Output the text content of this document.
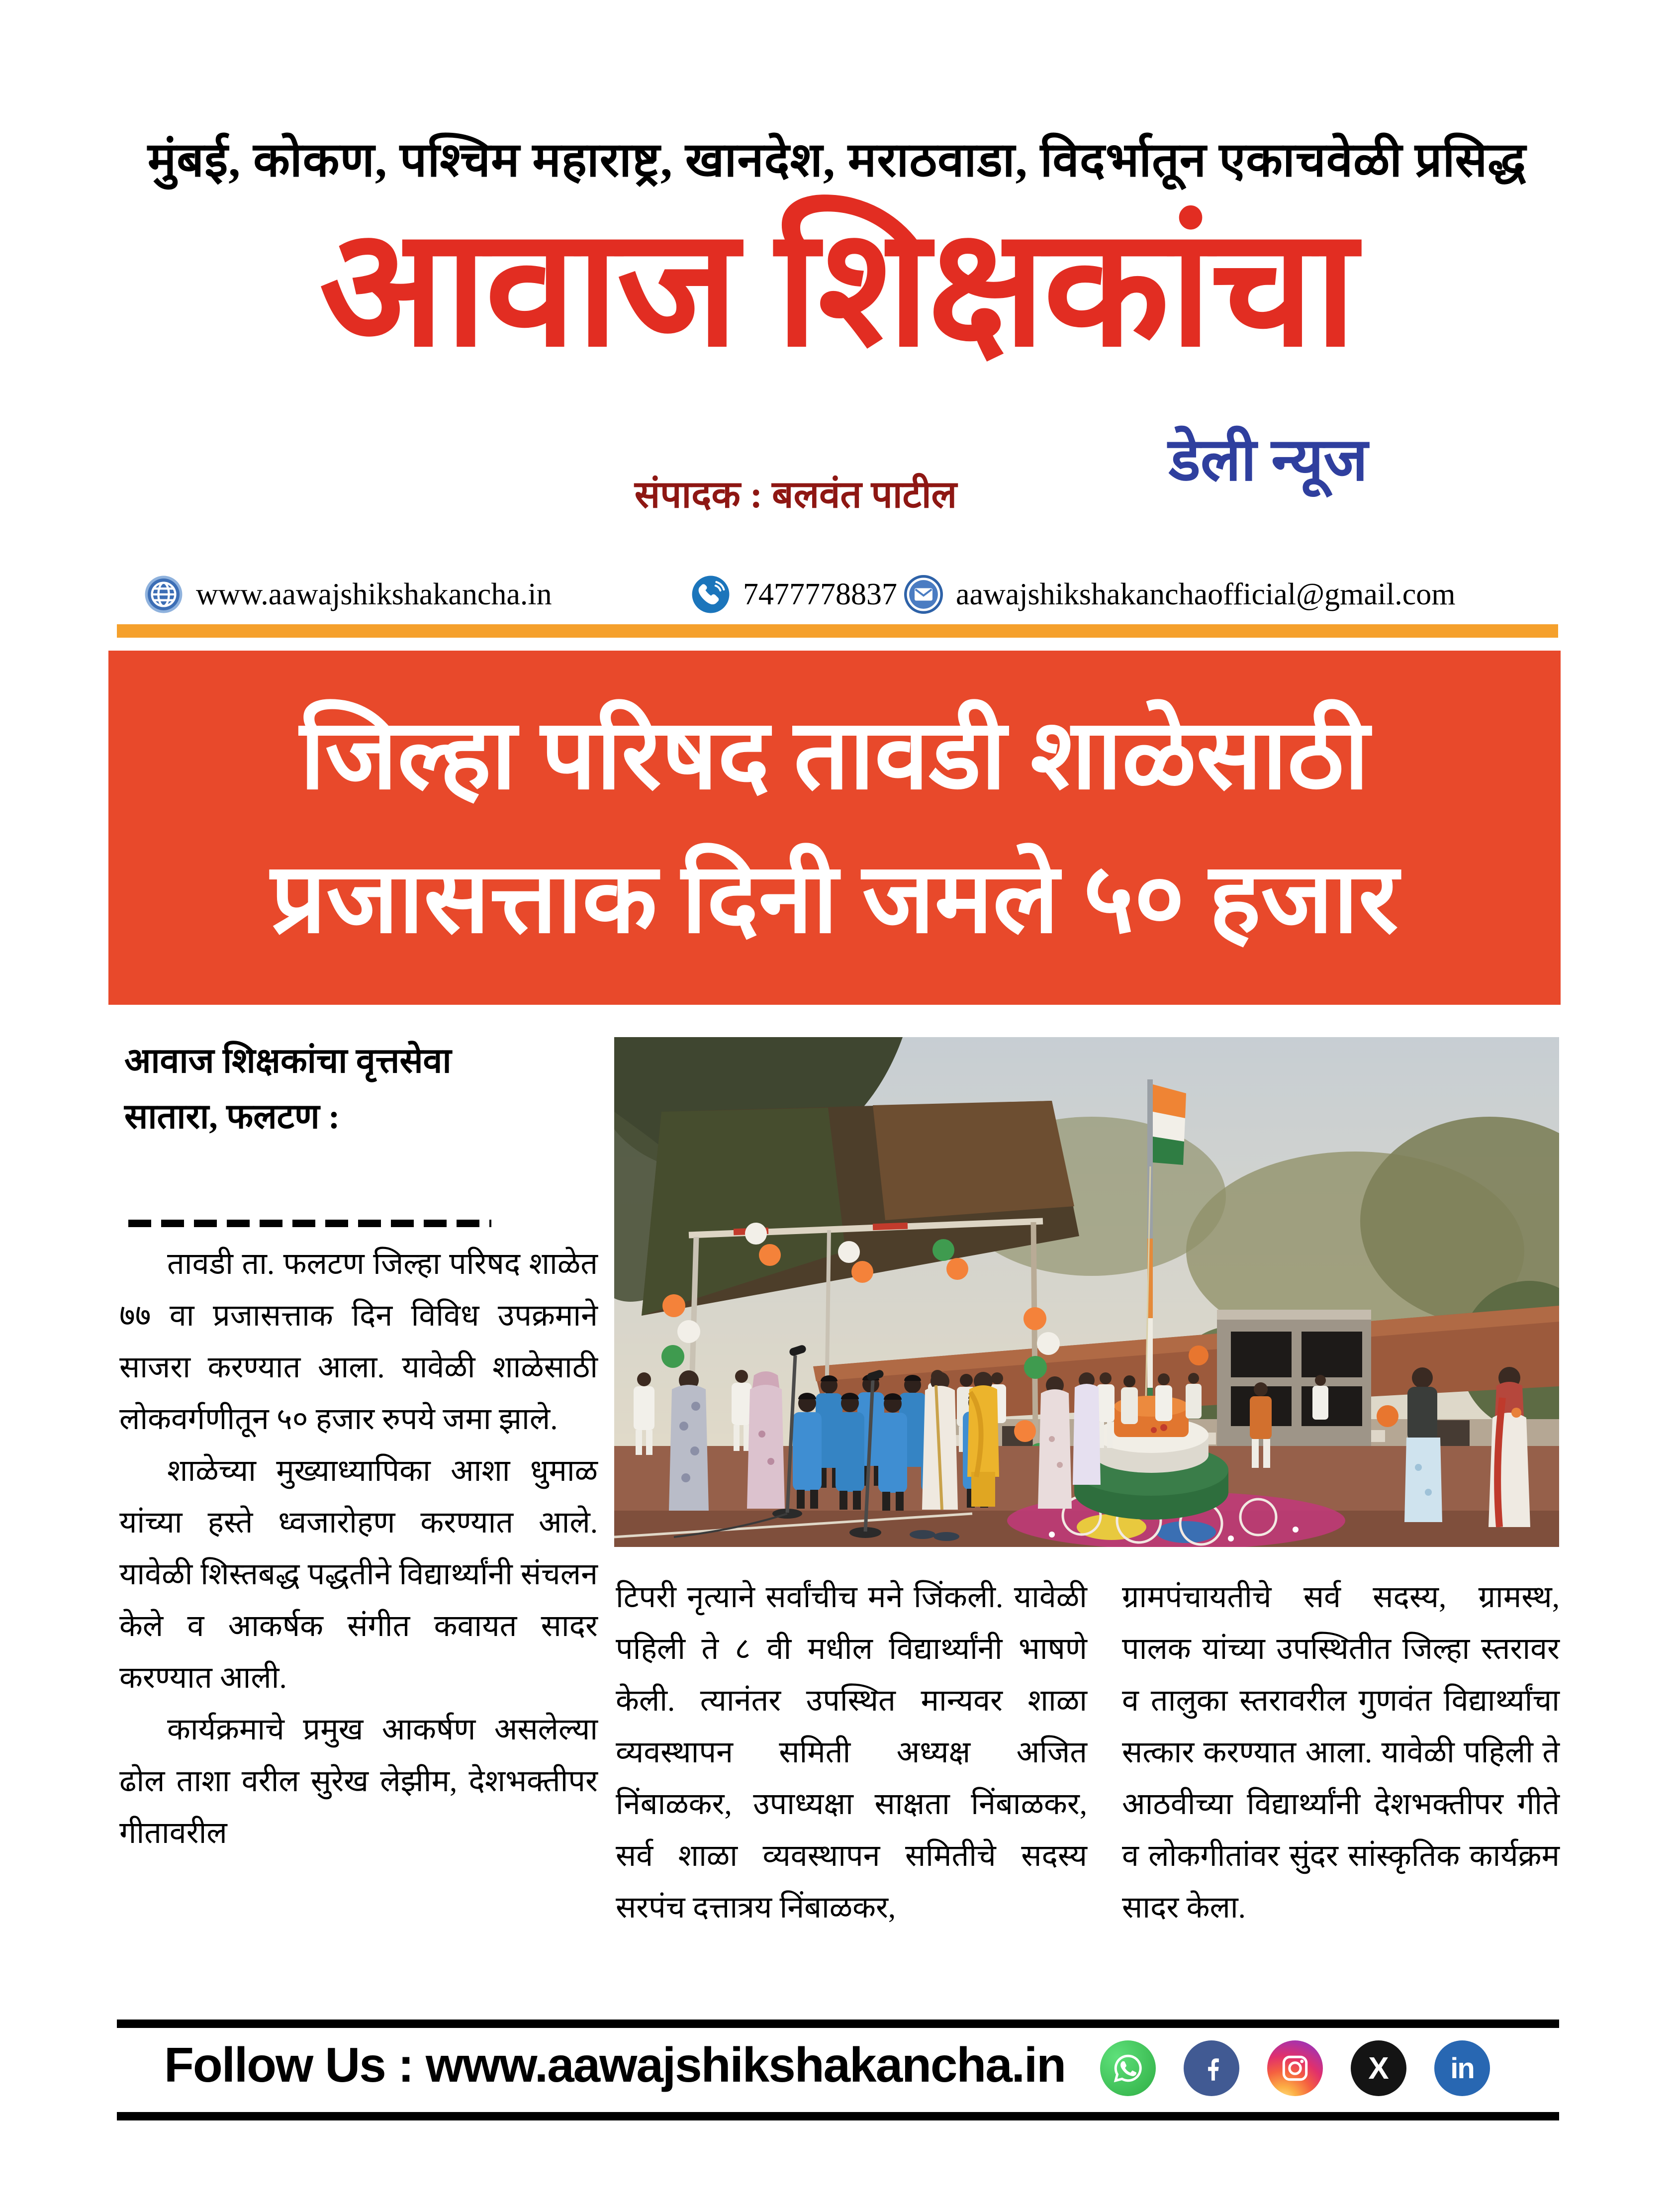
मुंबई, कोकण, पश्चिम महाराष्ट्र, खानदेश, मराठवाडा, विदर्भातून एकाचवेळी प्रसिद्ध
आवाज शिक्षकांचा
संपादक : बलवंत पाटील
डेली न्यूज
www.aawajshikshakancha.in	7477778837 aawajshikshakanchaofficial@gmail.com
जिल्हा परिषद तावडी शाळेसाठी
प्रजासत्ताक दिनी जमले ५० हजार
आवाज शिक्षकांचा वृत्तसेवा
सातारा, फलटण :

तावडी ता. फलटण जिल्हा परिषद शाळेत ७७ वा प्रजासत्ताक दिन विविध उपक्रमाने साजरा करण्यात आला. यावेळी शाळेसाठी लोकवर्गणीतून ५० हजार रुपये जमा झाले.

शाळेच्या मुख्याध्यापिका आशा धुमाळ यांच्या हस्ते ध्वजारोहण करण्यात आले. यावेळी शिस्तबद्ध पद्धतीने विद्यार्थ्यांनी संचलन केले व आकर्षक संगीत कवायत सादर करण्यात आली.

कार्यक्रमाचे प्रमुख आकर्षण असलेल्या ढोल ताशा वरील सुरेख लेझीम, देशभक्तीपर गीतावरील

टिपरी नृत्याने सर्वांचीच मने जिंकली. यावेळी पहिली ते ८ वी मधील विद्यार्थ्यांनी भाषणे केली. त्यानंतर उपस्थित मान्यवर शाळा व्यवस्थापन समिती अध्यक्ष अजित निंबाळकर, उपाध्यक्षा साक्षता निंबाळकर, सर्व शाळा व्यवस्थापन समितीचे सदस्य सरपंच दत्तात्रय निंबाळकर,

ग्रामपंचायतीचे सर्व सदस्य, ग्रामस्थ, पालक यांच्या उपस्थितीत जिल्हा स्तरावर व तालुका स्तरावरील गुणवंत विद्यार्थ्यांचा सत्कार करण्यात आला. यावेळी पहिली ते आठवीच्या विद्यार्थ्यांनी देशभक्तीपर गीते व लोकगीतांवर सुंदर सांस्कृतिक कार्यक्रम सादर केला.

Follow Us : www.aawajshikshakancha.in	X in
